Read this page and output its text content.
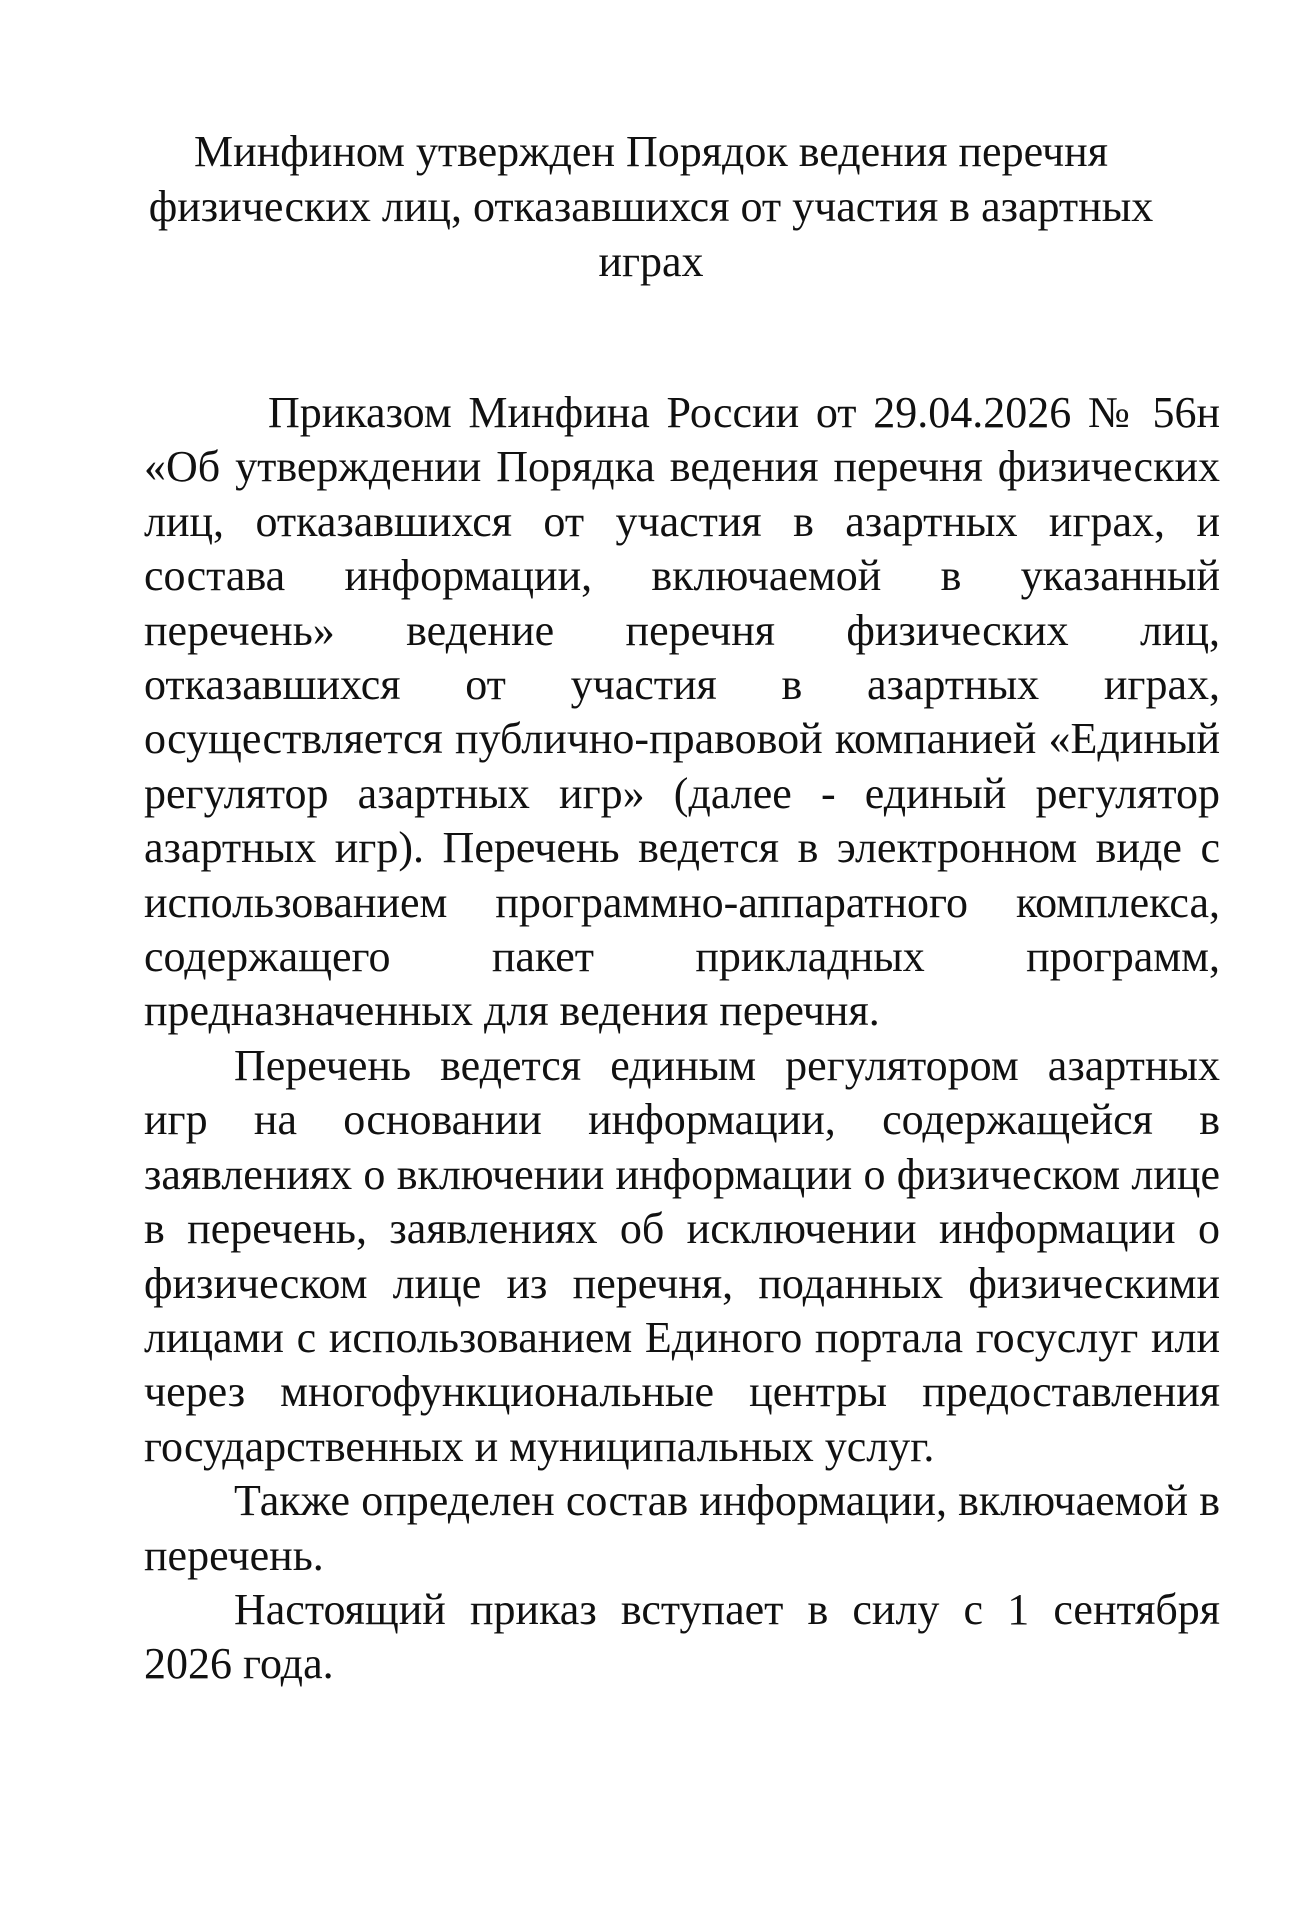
Минфином утвержден Порядок ведения перечня физических лиц, отказавшихся от участия в азартных играх

Приказом Минфина России от 29.04.2026 № 56н «Об утверждении Порядка ведения перечня физических лиц, отказавшихся от участия в азартных играх, и состава информации, включаемой в указанный перечень» ведение перечня физических лиц, отказавшихся от участия в азартных играх, осуществляется публично-правовой компанией «Единый регулятор азартных игр» (далее - единый регулятор азартных игр). Перечень ведется в электронном виде с использованием программно-аппаратного комплекса, содержащего пакет прикладных программ, предназначенных для ведения перечня.

Перечень ведется единым регулятором азартных игр на основании информации, содержащейся в заявлениях о включении информации о физическом лице в перечень, заявлениях об исключении информации о физическом лице из перечня, поданных физическими лицами с использованием Единого портала госуслуг или через многофункциональные центры предоставления государственных и муниципальных услуг.

Также определен состав информации, включаемой в перечень.

Настоящий приказ вступает в силу с 1 сентября 2026 года.
